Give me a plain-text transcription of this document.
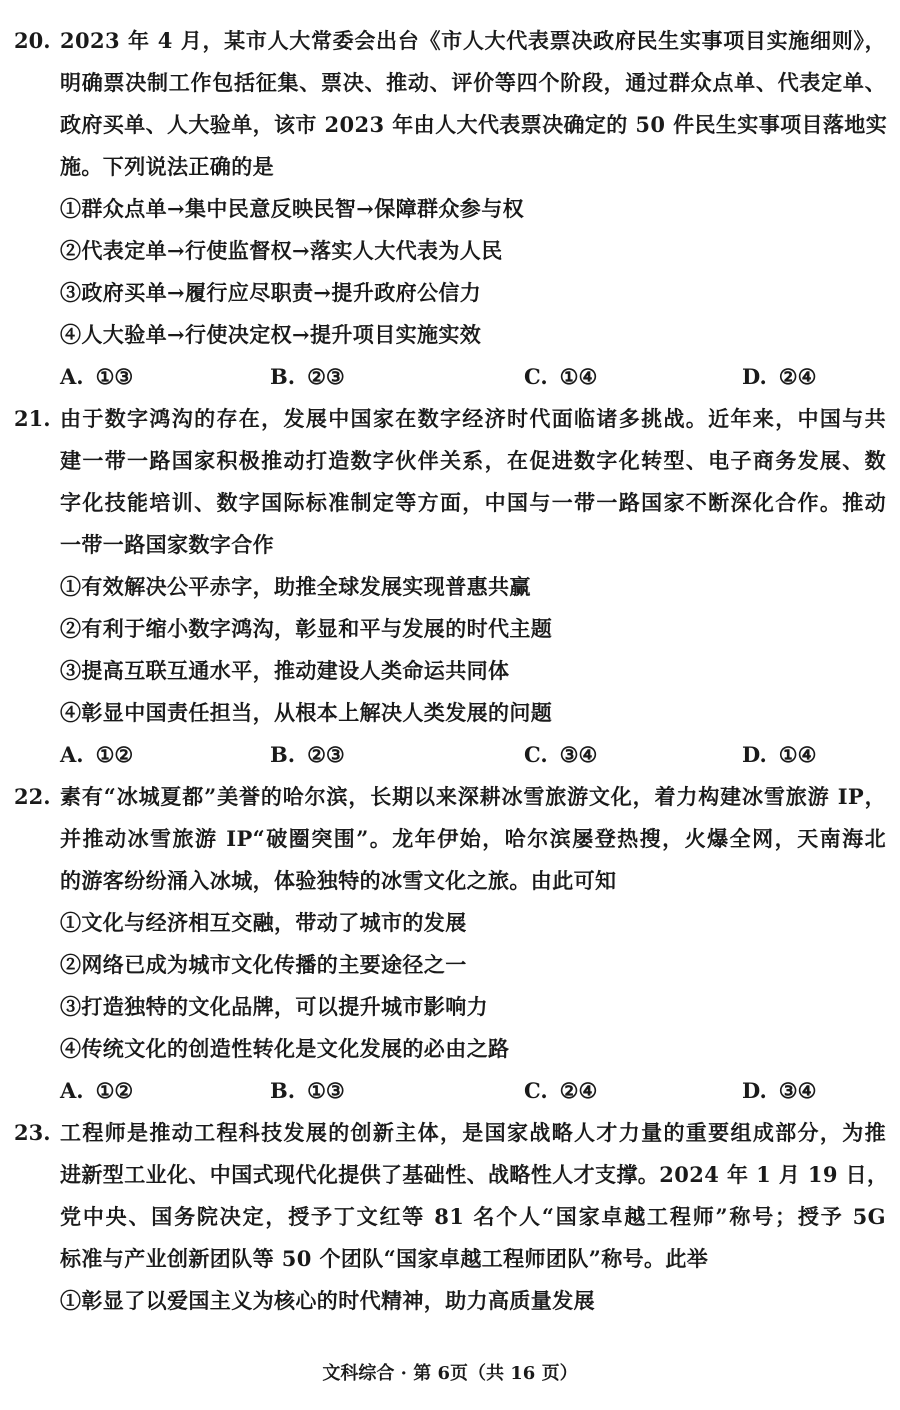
20. 2023 年 4 月，某市人大常委会出台《市人大代表票决政府民生实事项目实施细则》，
明确票决制工作包括征集、票决、推动、评价等四个阶段，通过群众点单、代表定单、
政府买单、人大验单，该市 2023 年由人大代表票决确定的 50 件民生实事项目落地实
施。下列说法正确的是
①群众点单→集中民意反映民智→保障群众参与权
②代表定单→行使监督权→落实人大代表为人民
③政府买单→履行应尽职责→提升政府公信力
④人大验单→行使决定权→提升项目实施实效
A. ①③	B. ②③	C. ①④	D. ②④
21. 由于数字鸿沟的存在，发展中国家在数字经济时代面临诸多挑战。近年来，中国与共
建一带一路国家积极推动打造数字伙伴关系，在促进数字化转型、电子商务发展、数
字化技能培训、数字国际标准制定等方面，中国与一带一路国家不断深化合作。推动
一带一路国家数字合作
①有效解决公平赤字，助推全球发展实现普惠共赢
②有利于缩小数字鸿沟，彰显和平与发展的时代主题
③提高互联互通水平，推动建设人类命运共同体
④彰显中国责任担当，从根本上解决人类发展的问题
A. ①②	B. ②③	C. ③④	D. ①④
22. 素有“冰城夏都”美誉的哈尔滨，长期以来深耕冰雪旅游文化，着力构建冰雪旅游 IP，
并推动冰雪旅游 IP“破圈突围”。龙年伊始，哈尔滨屡登热搜，火爆全网，天南海北
的游客纷纷涌入冰城，体验独特的冰雪文化之旅。由此可知
①文化与经济相互交融，带动了城市的发展
②网络已成为城市文化传播的主要途径之一
③打造独特的文化品牌，可以提升城市影响力
④传统文化的创造性转化是文化发展的必由之路
A. ①②	B. ①③	C. ②④	D. ③④
23. 工程师是推动工程科技发展的创新主体，是国家战略人才力量的重要组成部分，为推
进新型工业化、中国式现代化提供了基础性、战略性人才支撑。2024 年 1 月 19 日，
党中央、国务院决定，授予丁文红等 81 名个人“国家卓越工程师”称号；授予 5G
标准与产业创新团队等 50 个团队“国家卓越工程师团队”称号。此举
①彰显了以爱国主义为核心的时代精神，助力高质量发展
文科综合 · 第 6页（共 16 页）
